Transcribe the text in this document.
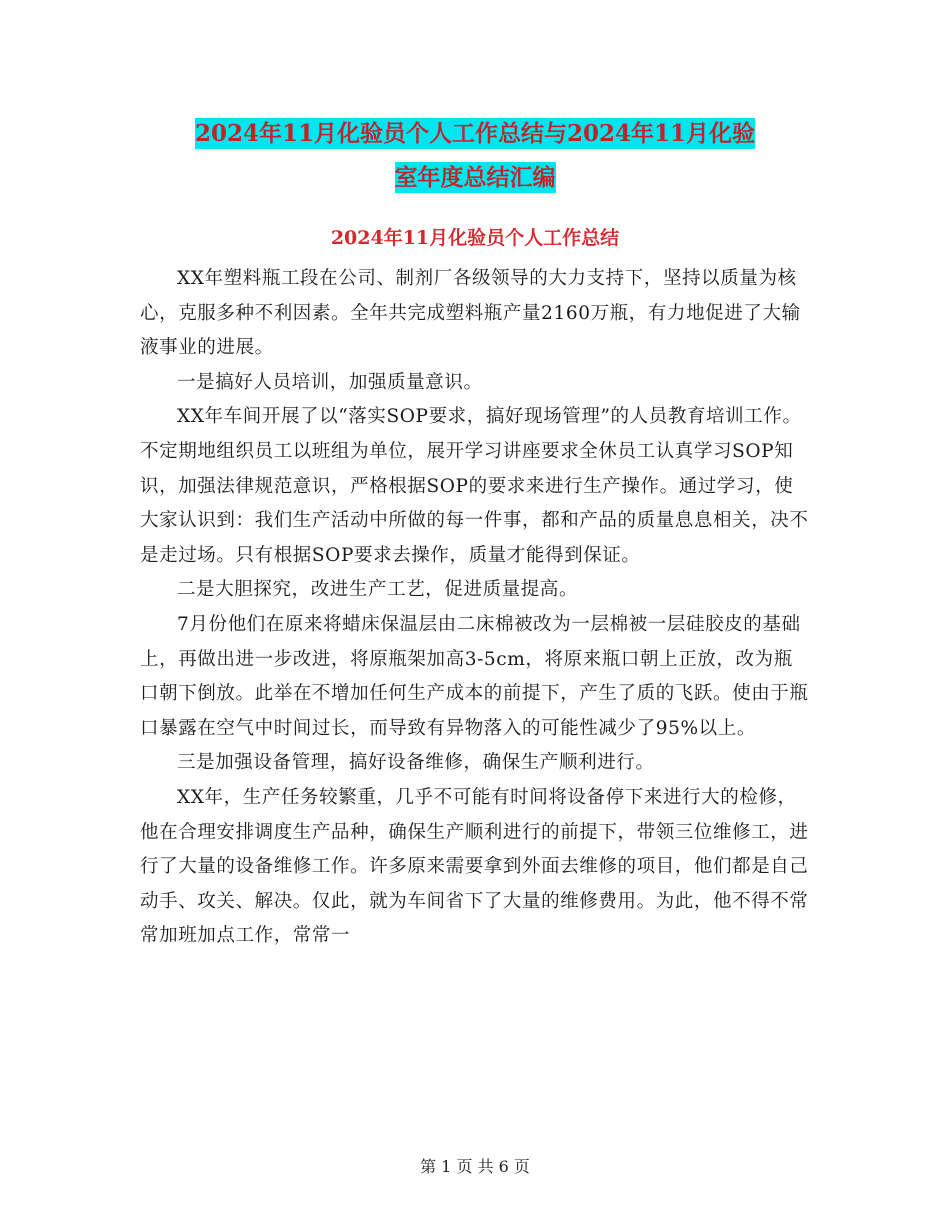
2024年11月化验员个人工作总结与2024年11月化验
室年度总结汇编
2024年11月化验员个人工作总结

XX年塑料瓶工段在公司、制剂厂各级领导的大力支持下，坚持以质量为核心，克服多种不利因素。全年共完成塑料瓶产量2160万瓶，有力地促进了大输液事业的进展。

一是搞好人员培训，加强质量意识。

XX年车间开展了以“落实SOP要求，搞好现场管理”的人员教育培训工作。不定期地组织员工以班组为单位，展开学习讲座要求全休员工认真学习SOP知识，加强法律规范意识，严格根据SOP的要求来进行生产操作。通过学习，使大家认识到：我们生产活动中所做的每一件事，都和产品的质量息息相关，决不是走过场。只有根据SOP要求去操作，质量才能得到保证。

二是大胆探究，改进生产工艺，促进质量提高。

7月份他们在原来将蜡床保温层由二床棉被改为一层棉被一层硅胶皮的基础上，再做出进一步改进，将原瓶架加高3-5cm，将原来瓶口朝上正放，改为瓶口朝下倒放。此举在不增加任何生产成本的前提下，产生了质的飞跃。使由于瓶口暴露在空气中时间过长，而导致有异物落入的可能性减少了95%以上。

三是加强设备管理，搞好设备维修，确保生产顺利进行。

XX年，生产任务较繁重，几乎不可能有时间将设备停下来进行大的检修，他在合理安排调度生产品种，确保生产顺利进行的前提下，带领三位维修工，进行了大量的设备维修工作。许多原来需要拿到外面去维修的项目，他们都是自己动手、攻关、解决。仅此，就为车间省下了大量的维修费用。为此，他不得不常常加班加点工作，常常一

第 1 页 共 6 页
